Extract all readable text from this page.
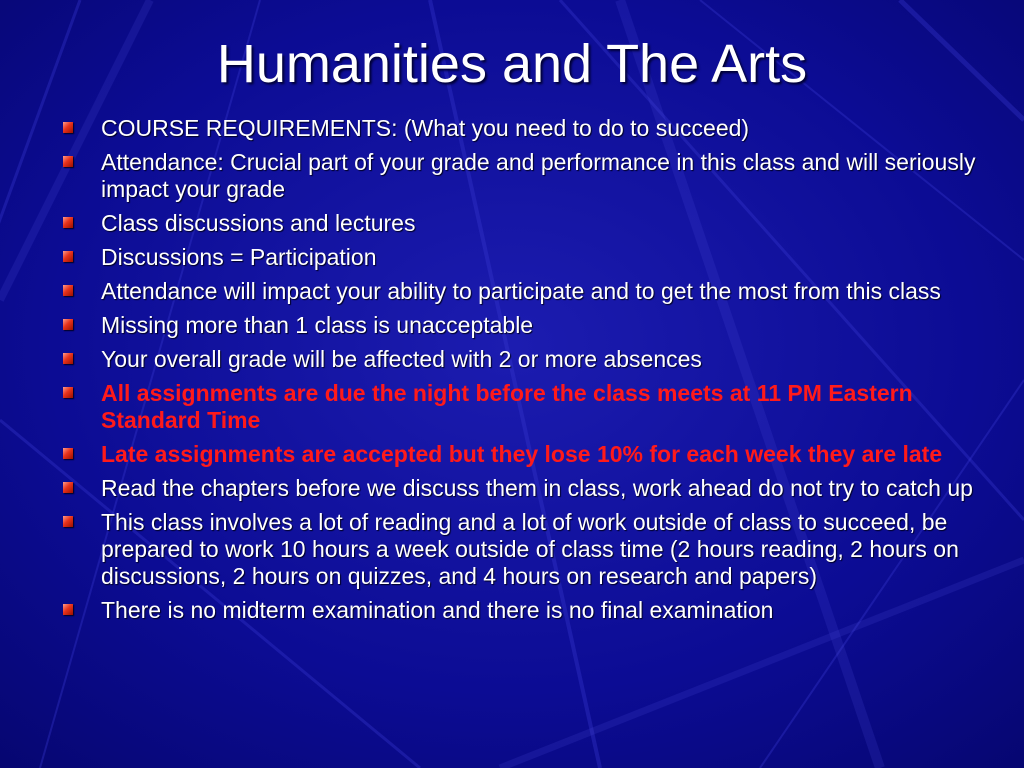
Humanities and The Arts
COURSE REQUIREMENTS: (What you need to do to succeed)
Attendance: Crucial part of your grade and performance in this class and will seriously impact your grade
Class discussions and lectures
Discussions = Participation
Attendance will impact your ability to participate and to get the most from this class
Missing more than 1 class is unacceptable
Your overall grade will be affected with 2 or more absences
All assignments are due the night before the class meets at 11 PM Eastern Standard Time
Late assignments are accepted but they lose 10% for each week they are late
Read the chapters before we discuss them in class, work ahead do not try to catch up
This class involves a lot of reading and a lot of work outside of class to succeed, be prepared to work 10 hours a week outside of class time (2 hours reading, 2 hours on discussions, 2 hours on quizzes, and 4 hours on research and papers)
There is no midterm examination and there is no final examination
